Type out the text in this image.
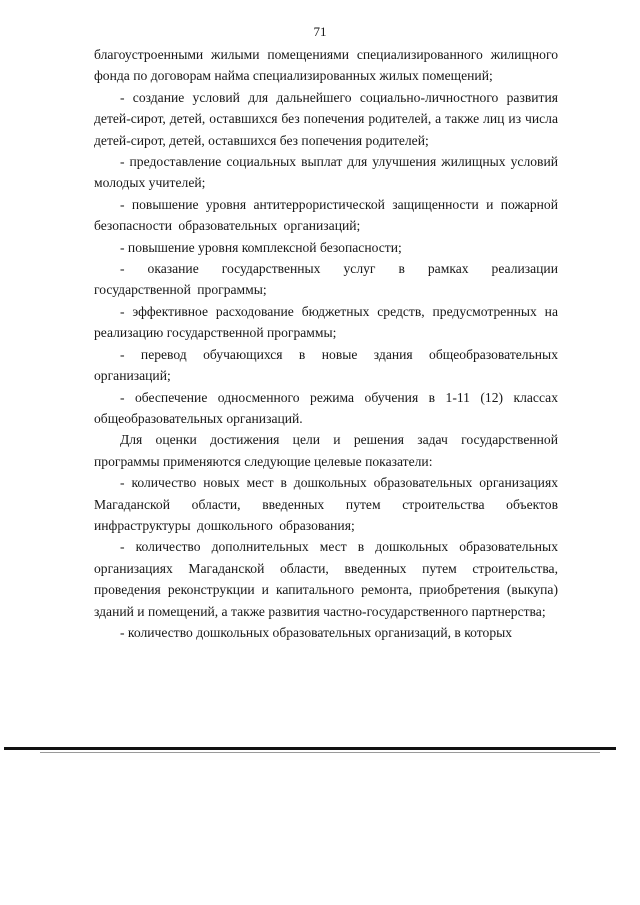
71

благоустроенными жилыми помещениями специализированного жилищного фонда по договорам найма специализированных жилых помещений;

- создание условий для дальнейшего социально-личностного развития детей-сирот, детей, оставшихся без попечения родителей, а также лиц из числа детей-сирот, детей, оставшихся без попечения родителей;

- предоставление социальных выплат для улучшения жилищных условий молодых учителей;

- повышение уровня антитеррористической защищенности и пожарной безопасности образовательных организаций;

- повышение уровня комплексной безопасности;

- оказание государственных услуг в рамках реализации государственной программы;

- эффективное расходование бюджетных средств, предусмотренных на реализацию государственной программы;

- перевод обучающихся в новые здания общеобразовательных организаций;

- обеспечение односменного режима обучения в 1-11 (12) классах общеобразовательных организаций.

Для оценки достижения цели и решения задач государственной программы применяются следующие целевые показатели:

- количество новых мест в дошкольных образовательных организациях Магаданской области, введенных путем строительства объектов инфраструктуры дошкольного образования;

- количество дополнительных мест в дошкольных образовательных организациях Магаданской области, введенных путем строительства, проведения реконструкции и капитального ремонта, приобретения (выкупа) зданий и помещений, а также развития частно-государственного партнерства;

- количество дошкольных образовательных организаций, в которых
